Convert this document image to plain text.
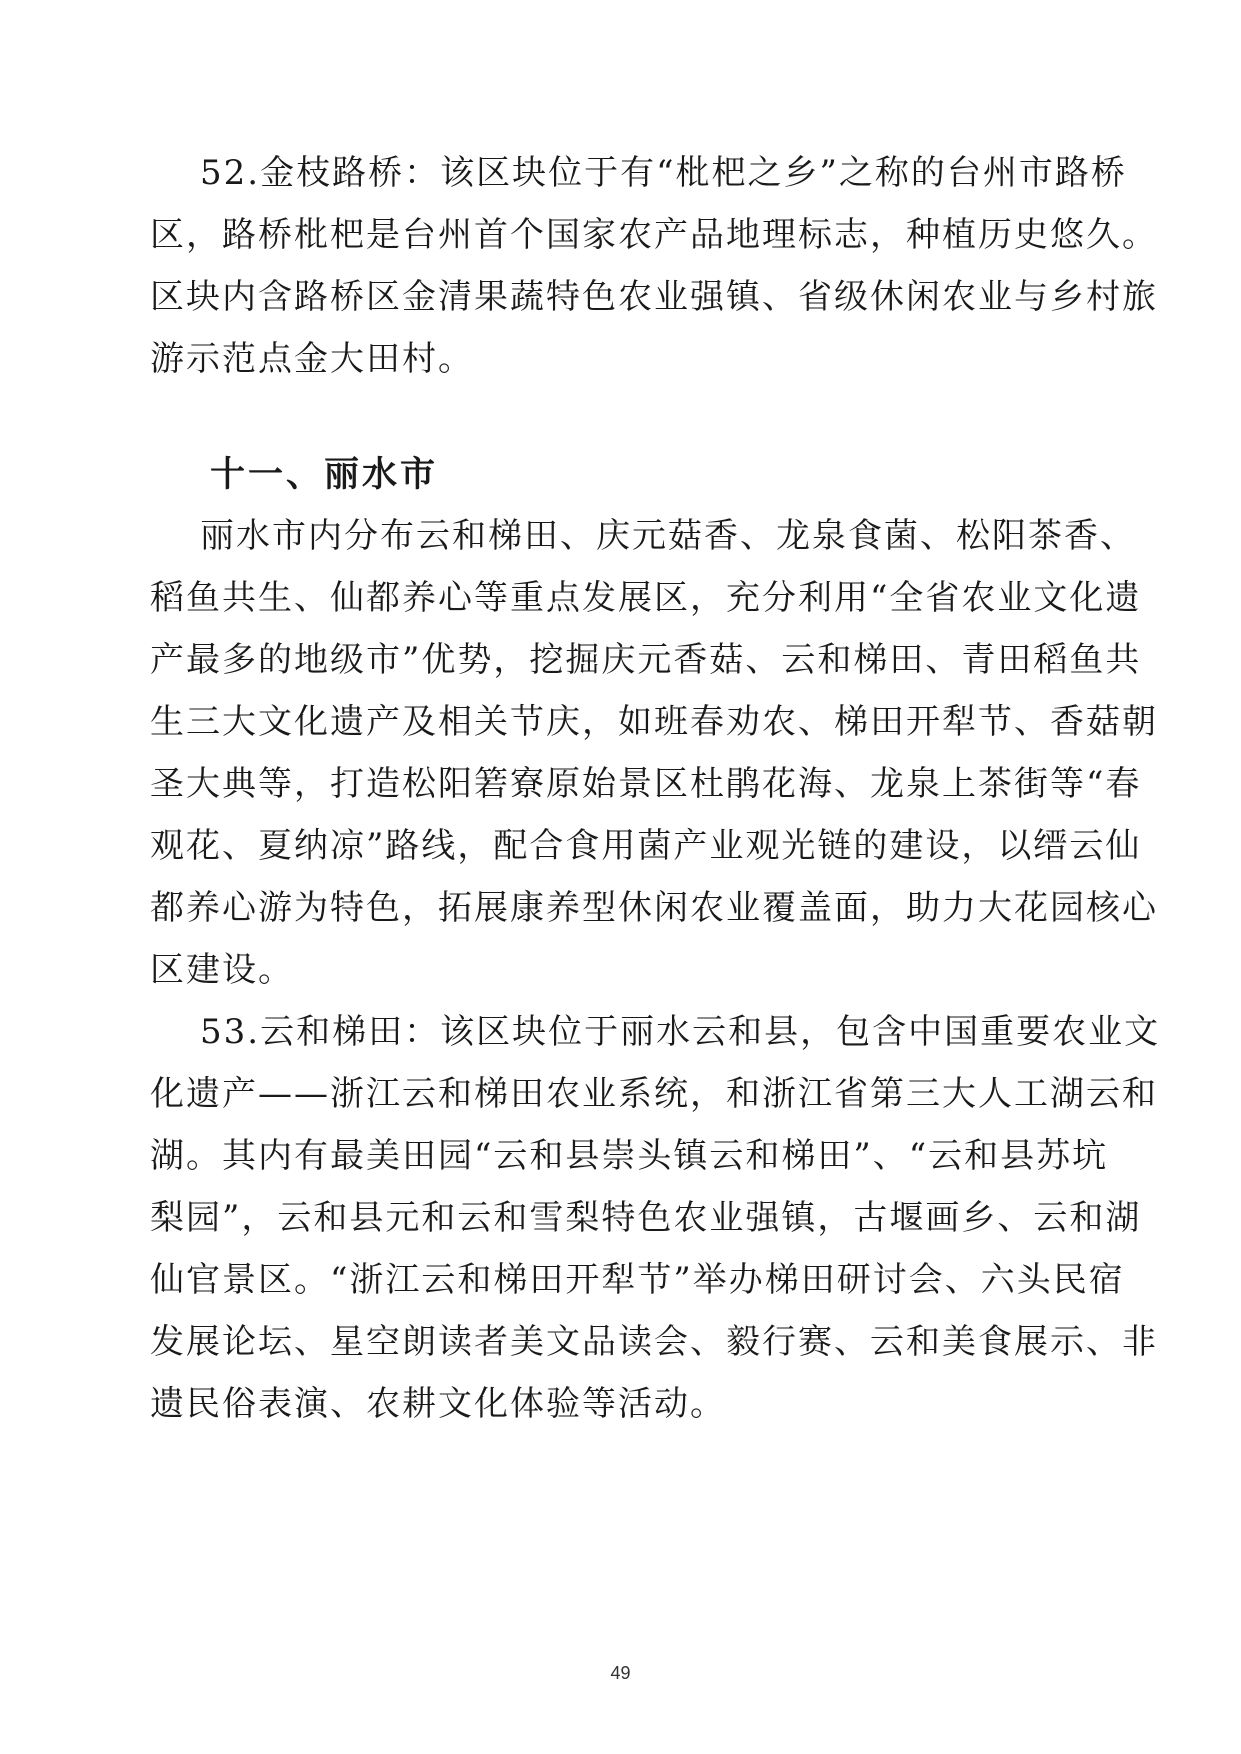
52.金枝路桥：该区块位于有“枇杷之乡”之称的台州市路桥
区，路桥枇杷是台州首个国家农产品地理标志，种植历史悠久。
区块内含路桥区金清果蔬特色农业强镇、省级休闲农业与乡村旅
游示范点金大田村。
十一、丽水市
丽水市内分布云和梯田、庆元菇香、龙泉食菌、松阳茶香、
稻鱼共生、仙都养心等重点发展区，充分利用“全省农业文化遗
产最多的地级市”优势，挖掘庆元香菇、云和梯田、青田稻鱼共
生三大文化遗产及相关节庆，如班春劝农、梯田开犁节、香菇朝
圣大典等，打造松阳箬寮原始景区杜鹃花海、龙泉上茶街等“春
观花、夏纳凉”路线，配合食用菌产业观光链的建设，以缙云仙
都养心游为特色，拓展康养型休闲农业覆盖面，助力大花园核心
区建设。
53.云和梯田：该区块位于丽水云和县，包含中国重要农业文
化遗产——浙江云和梯田农业系统，和浙江省第三大人工湖云和
湖。其内有最美田园“云和县崇头镇云和梯田”、“云和县苏坑
梨园”，云和县元和云和雪梨特色农业强镇，古堰画乡、云和湖
仙官景区。“浙江云和梯田开犁节”举办梯田研讨会、六头民宿
发展论坛、星空朗读者美文品读会、毅行赛、云和美食展示、非
遗民俗表演、农耕文化体验等活动。
49
